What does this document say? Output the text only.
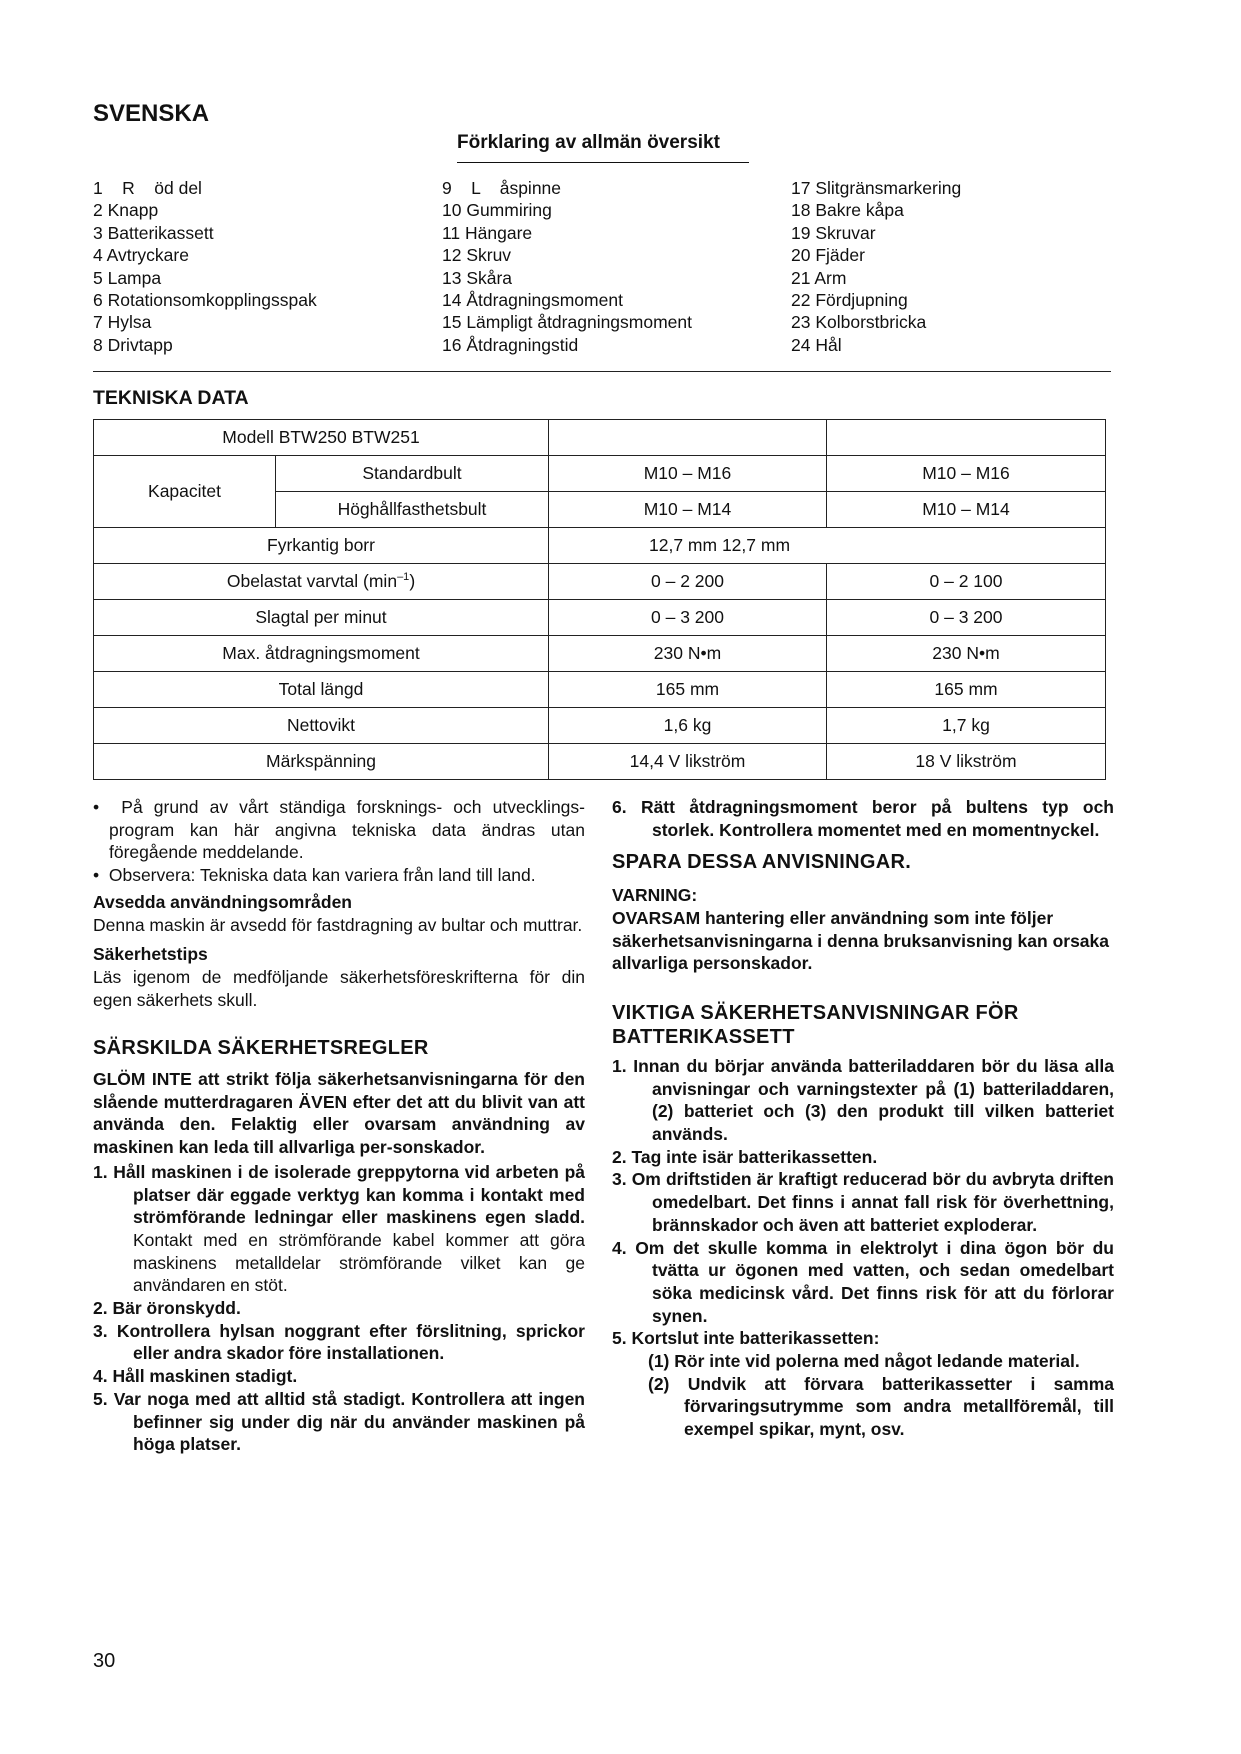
SVENSKA
Förklaring av allmän översikt
1    R    öd del
2 Knapp
3 Batterikassett
4 Avtryckare
5 Lampa
6 Rotationsomkopplingsspak
7 Hylsa
8 Drivtapp
9    L    åspinne
10 Gummiring
11 Hängare
12 Skruv
13 Skåra
14 Åtdragningsmoment
15 Lämpligt åtdragningsmoment
16 Åtdragningstid
17 Slitgränsmarkering
18 Bakre kåpa
19 Skruvar
20 Fjäder
21 Arm
22 Fördjupning
23 Kolborstbricka
24 Hål
TEKNISKA DATA
Modell BTW250 BTW251			
Kapacitet	Standardbult	M10 – M16	M10 – M16
	Höghållfasthetsbult	M10 – M14	M10 – M14
Fyrkantig borr		12,7 mm 12,7 mm	
Obelastat varvtal $(\min^{-1})$		0 – 2 200	0 – 2 100
Slagtal per minut		0 – 3 200	0 – 3 200
Max. åtdragningsmoment		230 N•m	230 N•m
Total längd		165 mm	165 mm
Nettovikt		1,6 kg	1,7 kg
Märkspänning		14,4 V likström	18 V likström

•  På grund av vårt ständiga forsknings- och utvecklings-program kan här angivna tekniska data ändras utan föregående meddelande.

•  Observera: Tekniska data kan variera från land till land.

Avsedda användningsområden

Denna maskin är avsedd för fastdragning av bultar och muttrar.

Säkerhetstips

Läs igenom de medföljande säkerhetsföreskrifterna för din egen säkerhets skull.

SÄRSKILDA SÄKERHETSREGLER

GLÖM INTE att strikt följa säkerhetsanvisningarna för den slående mutterdragaren ÄVEN efter det att du blivit van att använda den. Felaktig eller ovarsam användning av maskinen kan leda till allvarliga per-sonskador.

1. Håll maskinen i de isolerade greppytorna vid arbeten på platser där eggade verktyg kan komma i kontakt med strömförande ledningar eller maskinens egen sladd. Kontakt med en strömförande kabel kommer att göra maskinens metalldelar strömförande vilket kan ge användaren en stöt.

2. Bär öronskydd.

3. Kontrollera hylsan noggrant efter förslitning, sprickor eller andra skador före installationen.

4. Håll maskinen stadigt.

5. Var noga med att alltid stå stadigt. Kontrollera att ingen befinner sig under dig när du använder maskinen på höga platser.

6. Rätt åtdragningsmoment beror på bultens typ och storlek. Kontrollera momentet med en momentnyckel.

SPARA DESSA ANVISNINGAR.

VARNING:

OVARSAM hantering eller användning som inte följer säkerhetsanvisningarna i denna bruksanvisning kan orsaka allvarliga personskador.

VIKTIGA SÄKERHETSANVISNINGAR FÖR BATTERIKASSETT

1. Innan du börjar använda batteriladdaren bör du läsa alla anvisningar och varningstexter på (1) batteriladdaren, (2) batteriet och (3) den produkt till vilken batteriet används.

2. Tag inte isär batterikassetten.

3. Om driftstiden är kraftigt reducerad bör du avbryta driften omedelbart. Det finns i annat fall risk för överhettning, brännskador och även att batteriet exploderar.

4. Om det skulle komma in elektrolyt i dina ögon bör du tvätta ur ögonen med vatten, och sedan omedelbart söka medicinsk vård. Det finns risk för att du förlorar synen.

5. Kortslut inte batterikassetten:

(1) Rör inte vid polerna med något ledande material.

(2) Undvik att förvara batterikassetter i samma förvaringsutrymme som andra metallföremål, till exempel spikar, mynt, osv.

30
